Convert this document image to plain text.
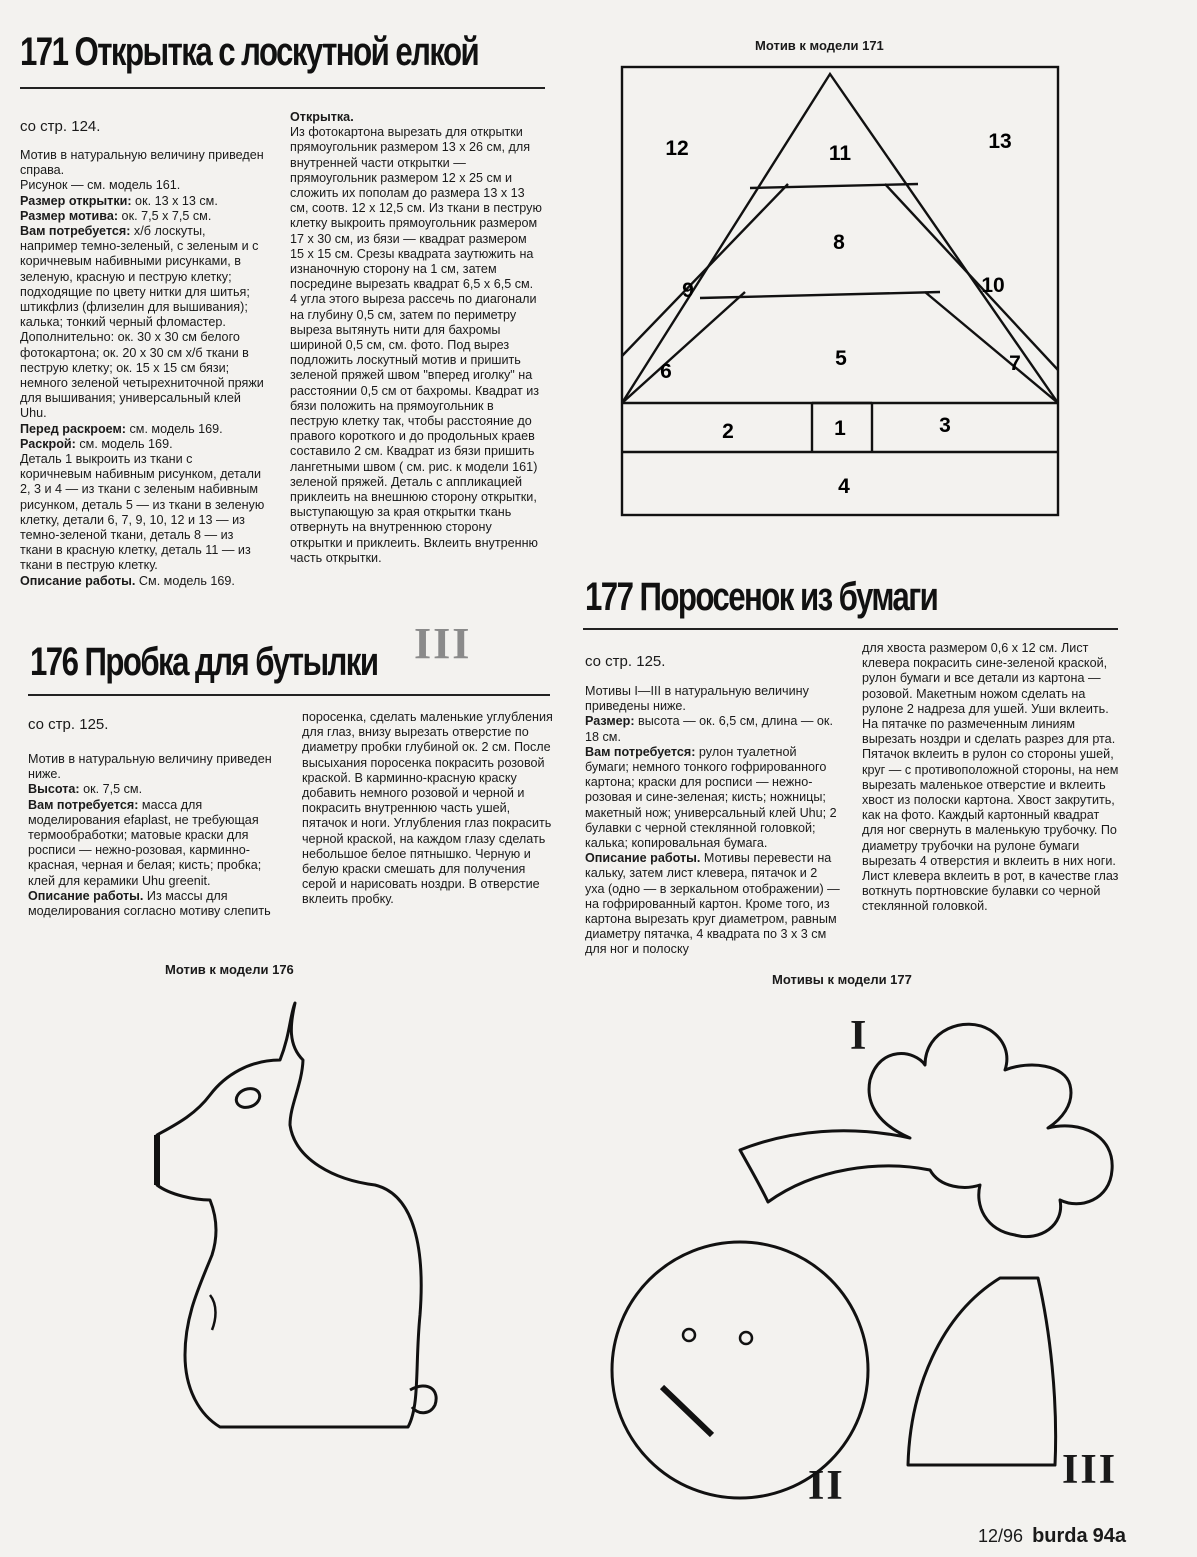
171 Открытка с лоскутной елкой
со стр. 124.

Мотив в натуральную величину приведен справа.

Рисунок — см. модель 161.

Размер открытки: ок. 13 х 13 см.

Размер мотива: ок. 7,5 х 7,5 см.

Вам потребуется: х/б лоскуты, например темно-зеленый, с зеленым и с коричневым набивными рисунками, в зеленую, красную и пеструю клетку; подходящие по цвету нитки для шитья; штикфлиз (флизелин для вышивания); калька; тонкий черный фломастер.

Дополнительно: ок. 30 х 30 см белого фотокартона; ок. 20 х 30 см х/б ткани в пеструю клетку; ок. 15 х 15 см бязи; немного зеленой четырехниточной пряжи для вышивания; универсальный клей Uhu.

Перед раскроем: см. модель 169.

Раскрой: см. модель 169.

Деталь 1 выкроить из ткани с коричневым набивным рисунком, детали 2, 3 и 4 — из ткани с зеленым набивным рисунком, деталь 5 — из ткани в зеленую клетку, детали 6, 7, 9, 10, 12 и 13 — из темно-зеленой ткани, деталь 8 — из ткани в красную клетку, деталь 11 — из ткани в пеструю клетку.

Описание работы. См. модель 169.

Открытка.

Из фотокартона вырезать для открытки прямоугольник размером 13 х 26 см, для внутренней части открытки — прямоугольник размером 12 х 25 см и сложить их пополам до размера 13 х 13 см, соотв. 12 х 12,5 см. Из ткани в пеструю клетку выкроить прямоугольник размером 17 х 30 см, из бязи — квадрат размером 15 х 15 см. Срезы квадрата заутюжить на изнаночную сторону на 1 см, затем посредине вырезать квадрат 6,5 х 6,5 см. 4 угла этого выреза рассечь по диагонали на глубину 0,5 см, затем по периметру выреза вытянуть нити для бахромы шириной 0,5 см, см. фото. Под вырез подложить лоскутный мотив и пришить зеленой пряжей швом "вперед иголку" на расстоянии 0,5 см от бахромы. Квадрат из бязи положить на прямоугольник в пеструю клетку так, чтобы расстояние до правого короткого и до продольных краев составило 2 см. Квадрат из бязи пришить лангетными швом ( см. рис. к модели 161) зеленой пряжей. Деталь с аппликацией приклеить на внешнюю сторону открытки, выступающую за края открытки ткань отвернуть на внутреннюю сторону открытки и приклеить. Вклеить внутренню часть открытки.

Мотив к модели 171
12	11
13
8
9	10
5
6	7
2	1	3
4
III
176 Пробка для бутылки
со стр. 125.

Мотив в натуральную величину приведен ниже.

Высота: ок. 7,5 см.

Вам потребуется: масса для моделирования efaplast, не требующая термообработки; матовые краски для росписи — нежно-розовая, карминно-красная, черная и белая; кисть; пробка; клей для керамики Uhu greenit.

Описание работы. Из массы для моделирования согласно мотиву слепить

поросенка, сделать маленькие углубления для глаз, внизу вырезать отверстие по диаметру пробки глубиной ок. 2 см. После высыхания поросенка покрасить розовой краской. В карминно-красную краску добавить немного розовой и черной и покрасить внутреннюю часть ушей, пятачок и ноги. Углубления глаз покрасить черной краской, на каждом глазу сделать небольшое белое пятнышко. Черную и белую краски смешать для получения серой и нарисовать ноздри. В отверстие вклеить пробку.

177 Поросенок из бумаги
со стр. 125.

Мотивы I—III в натуральную величину приведены ниже.

Размер: высота — ок. 6,5 см, длина — ок. 18 см.

Вам потребуется: рулон туалетной бумаги; немного тонкого гофрированного картона; краски для росписи — нежно-розовая и сине-зеленая; кисть; ножницы; макетный нож; универсальный клей Uhu; 2 булавки с черной стеклянной головкой; калька; копировальная бумага.

Описание работы. Мотивы перевести на кальку, затем лист клевера, пятачок и 2 уха (одно — в зеркальном отображении) — на гофрированный картон. Кроме того, из картона вырезать круг диаметром, равным диаметру пятачка, 4 квадрата по 3 х 3 см для ног и полоску

для хвоста размером 0,6 х 12 см. Лист клевера покрасить сине-зеленой краской, рулон бумаги и все детали из картона — розовой. Макетным ножом сделать на рулоне 2 надреза для ушей. Уши вклеить. На пятачке по размеченным линиям вырезать ноздри и сделать разрез для рта. Пятачок вклеить в рулон со стороны ушей, круг — с противоположной стороны, на нем вырезать маленькое отверстие и вклеить хвост из полоски картона. Хвост закрутить, как на фото. Каждый картонный квадрат для ног свернуть в маленькую трубочку. По диаметру трубочки на рулоне бумаги вырезать 4 отверстия и вклеить в них ноги. Лист клевера вклеить в рот, в качестве глаз воткнуть портновские булавки со черной стеклянной головкой.

Мотив к модели 176
Мотивы к модели 177
I
II	III
12/96 burda 94a
